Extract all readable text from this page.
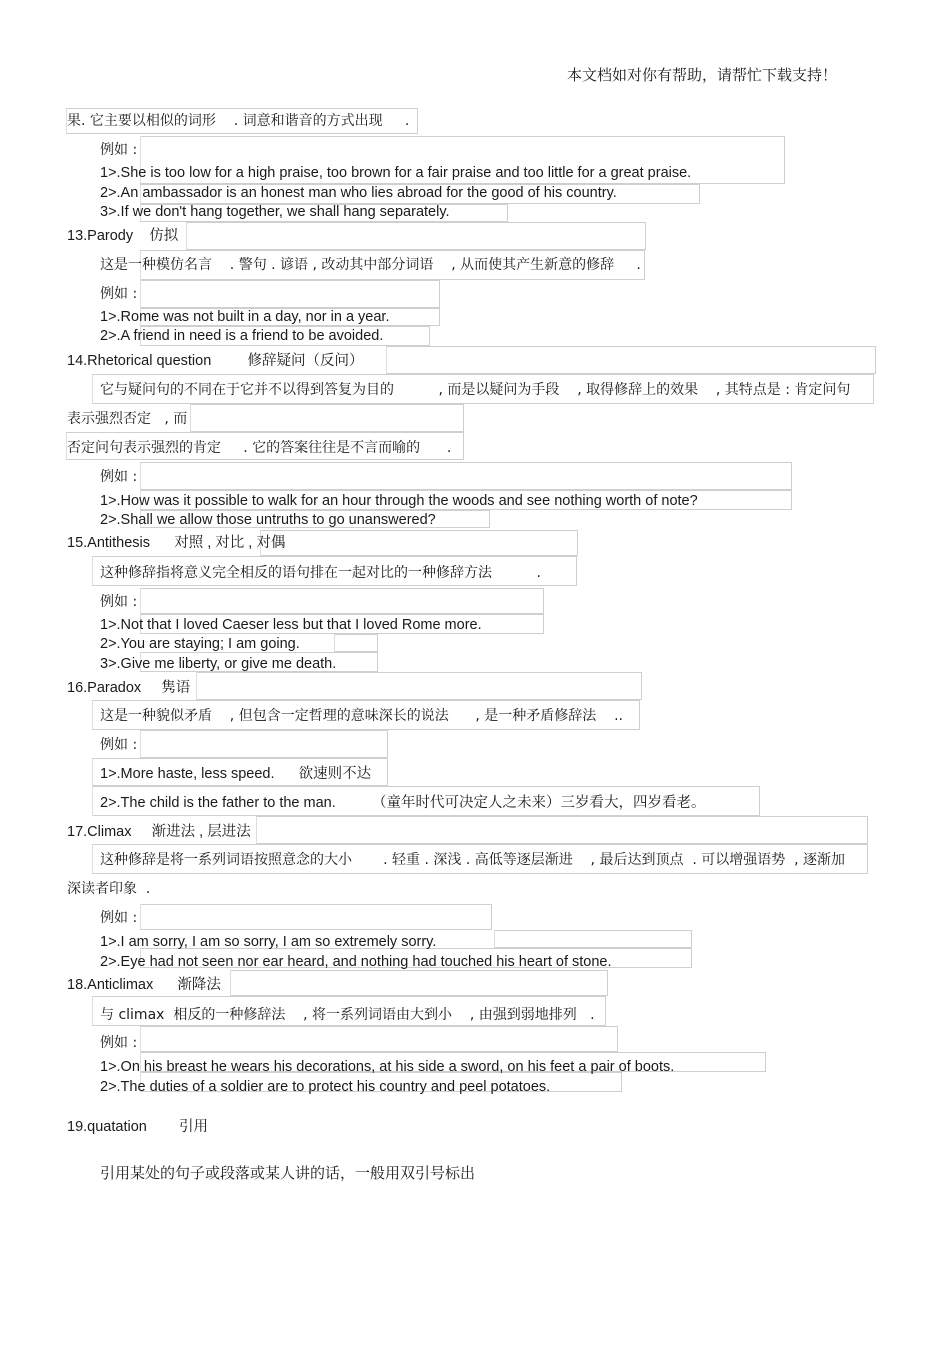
本文档如对你有帮助，请帮忙下载支持！
果. 它主要以相似的词形    . 词意和谐音的方式出现     .
例如 :
1>.She is too low for a high praise, too brown for a fair praise and too little for a great praise.
2>.An ambassador is an honest man who lies abroad for the good of his country.
3>.If we don't hang together, we shall hang separately.
13.Parody    仿拟
这是一种模仿名言    . 警句 . 谚语 , 改动其中部分词语    , 从而使其产生新意的修辞     .
例如 :
1>.Rome was not built in a day, nor in a year.
2>.A friend in need is a friend to be avoided.
14.Rhetorical question         修辞疑问（反问）
它与疑问句的不同在于它并不以得到答复为目的          , 而是以疑问为手段    , 取得修辞上的效果    , 其特点是 : 肯定问句
表示强烈否定   , 而
否定问句表示强烈的肯定     . 它的答案往往是不言而喻的      .
例如 :
1>.How was it possible to walk for an hour through the woods and see nothing worth of note?
2>.Shall we allow those untruths to go unanswered?
15.Antithesis      对照 , 对比 , 对偶
这种修辞指将意义完全相反的语句排在一起对比的一种修辞方法          .
例如 :
1>.Not that I loved Caeser less but that I loved Rome more.
2>.You are staying; I am going.
3>.Give me liberty, or give me death.
16.Paradox     隽语
这是一种貌似矛盾    , 但包含一定哲理的意味深长的说法      , 是一种矛盾修辞法    ..
例如 :
1>.More haste, less speed.      欲速则不达
2>.The child is the father to the man.         （童年时代可决定人之未来）三岁看大，四岁看老。
17.Climax     渐进法 , 层进法
这种修辞是将一系列词语按照意念的大小       . 轻重 . 深浅 . 高低等逐层渐进    , 最后达到顶点  . 可以增强语势  , 逐渐加
深读者印象  .
例如 :
1>.I am sorry, I am so sorry, I am so extremely sorry.
2>.Eye had not seen nor ear heard, and nothing had touched his heart of stone.
18.Anticlimax      渐降法
与 climax  相反的一种修辞法    , 将一系列词语由大到小    , 由强到弱地排列   .
例如 :
1>.On his breast he wears his decorations, at his side a sword, on his feet a pair of boots.
2>.The duties of a soldier are to protect his country and peel potatoes.
19.quatation        引用
引用某处的句子或段落或某人讲的话，一般用双引号标出
